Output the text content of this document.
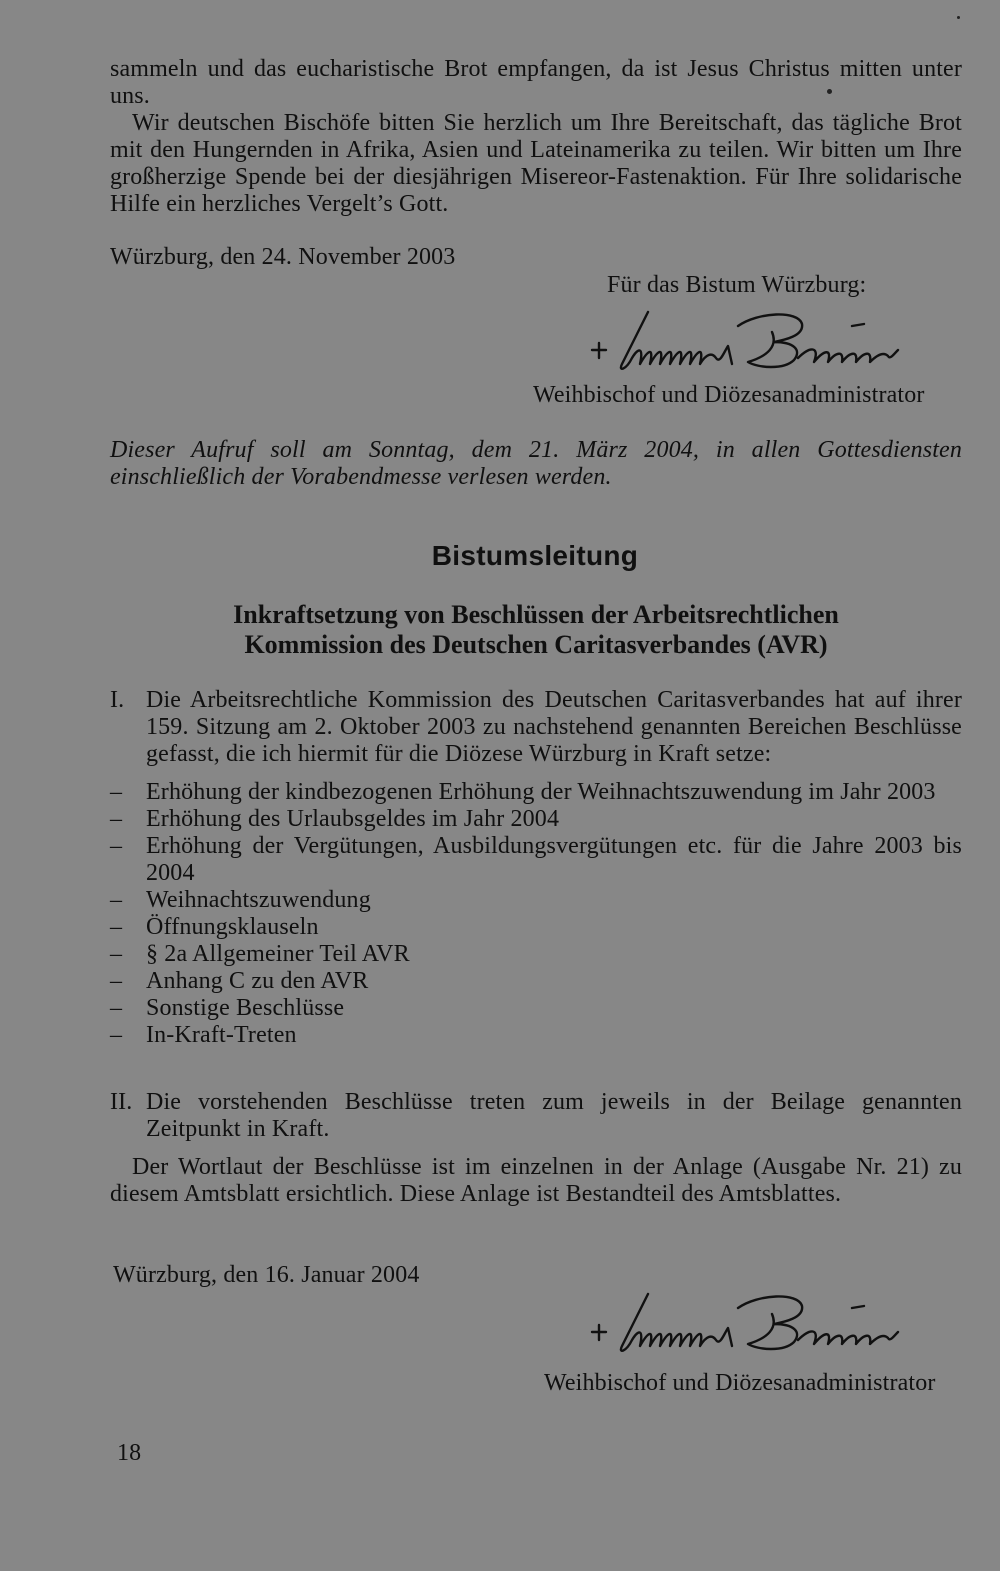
sammeln und das eucharistische Brot empfangen, da ist Jesus Christus mitten unter uns.
Wir deutschen Bischöfe bitten Sie herzlich um Ihre Bereitschaft, das tägliche Brot mit den Hungernden in Afrika, Asien und Lateinamerika zu teilen. Wir bitten um Ihre großherzige Spende bei der diesjährigen Misereor-Fastenaktion. Für Ihre solidarische Hilfe ein herzliches Vergelt’s Gott.
Würzburg, den 24. November 2003
Für das Bistum Würzburg:
Weihbischof und Diözesanadministrator
Dieser Aufruf soll am Sonntag, dem 21. März 2004, in allen Gottesdiensten einschließlich der Vorabendmesse verlesen werden.
Bistumsleitung
Inkraftsetzung von Beschlüssen der Arbeitsrechtlichen
Kommission des Deutschen Caritasverbandes (AVR)
I. Die Arbeitsrechtliche Kommission des Deutschen Caritasverbandes hat auf ihrer 159. Sitzung am 2. Oktober 2003 zu nachstehend genannten Bereichen Beschlüsse gefasst, die ich hiermit für die Diözese Würzburg in Kraft setze:
– Erhöhung der kindbezogenen Erhöhung der Weihnachtszuwendung im Jahr 2003
– Erhöhung des Urlaubsgeldes im Jahr 2004
– Erhöhung der Vergütungen, Ausbildungsvergütungen etc. für die Jahre 2003 bis 2004
– Weihnachtszuwendung
– Öffnungsklauseln
– § 2a Allgemeiner Teil AVR
– Anhang C zu den AVR
– Sonstige Beschlüsse
– In-Kraft-Treten
II. Die vorstehenden Beschlüsse treten zum jeweils in der Beilage genannten Zeitpunkt in Kraft.
Der Wortlaut der Beschlüsse ist im einzelnen in der Anlage (Ausgabe Nr. 21) zu diesem Amtsblatt ersichtlich. Diese Anlage ist Bestandteil des Amtsblattes.
Würzburg, den 16. Januar 2004
Weihbischof und Diözesanadministrator
18
